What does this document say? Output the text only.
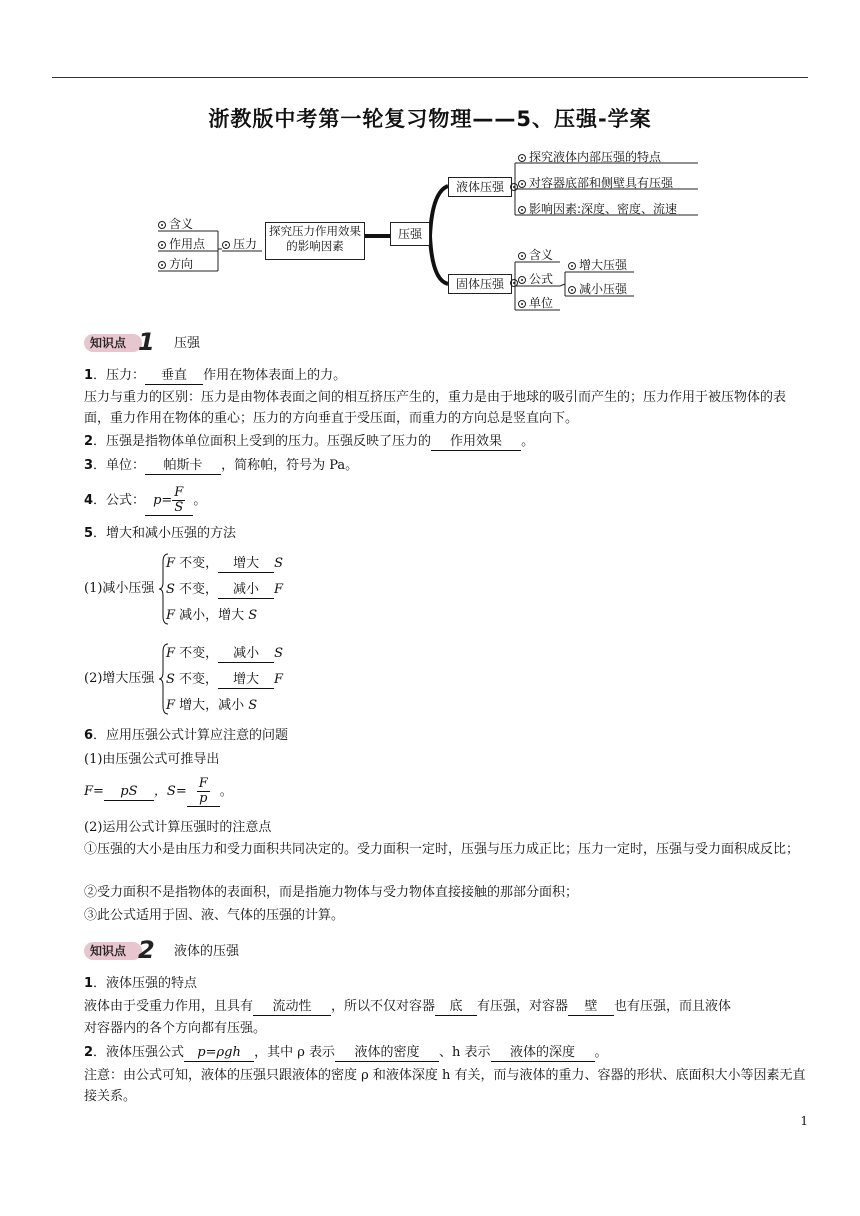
浙教版中考第一轮复习物理——5、压强-学案
探究压力作用效果的影响因素
压力
含义
作用点
方向
压强
液体压强
探究液体内部压强的特点
对容器底部和侧壁具有压强
影响因素:深度、密度、流速
固体压强
含义
公式
单位
增大压强
减小压强
知识点 1 压强
1．压力： 垂直 作用在物体表面上的力。
压力与重力的区别：压力是由物体表面之间的相互挤压产生的，重力是由于地球的吸引而产生的；压力作用于被压物体的表面，重力作用在物体的重心；压力的方向垂直于受压面，而重力的方向总是竖直向下。
2．压强是指物体单位面积上受到的压力。压强反映了压力的 作用效果 。
3．单位： 帕斯卡 ，简称帕，符号为 Pa。
4．公式： $p= \frac{F}{S}$ 。
5．增大和减小压强的方法
(1)减小压强
F 不变， 增大 S
S 不变， 减小 F
F 减小，增大 S
(2)增大压强
F 不变， 减小 S
S 不变， 增大 F
F 增大，减小 S
6．应用压强公式计算应注意的问题
(1)由压强公式可推导出
F= pS ，$S= \frac{F}{p}$ 。
(2)运用公式计算压强时的注意点
①压强的大小是由压力和受力面积共同决定的。受力面积一定时，压强与压力成正比；压力一定时，压强与受力面积成反比；
②受力面积不是指物体的表面积，而是指施力物体与受力物体直接接触的那部分面积；
③此公式适用于固、液、气体的压强的计算。
知识点 2 液体的压强
1．液体压强的特点
液体由于受重力作用，且具有 流动性 ，所以不仅对容器 底 有压强，对容器 壁 也有压强，而且液体
对容器内的各个方向都有压强。
2．液体压强公式 p=ρgh ，其中 ρ 表示 液体的密度 、h 表示 液体的深度 。
注意：由公式可知，液体的压强只跟液体的密度 ρ 和液体深度 h 有关，而与液体的重力、容器的形状、底面积大小等因素无直接关系。
1
